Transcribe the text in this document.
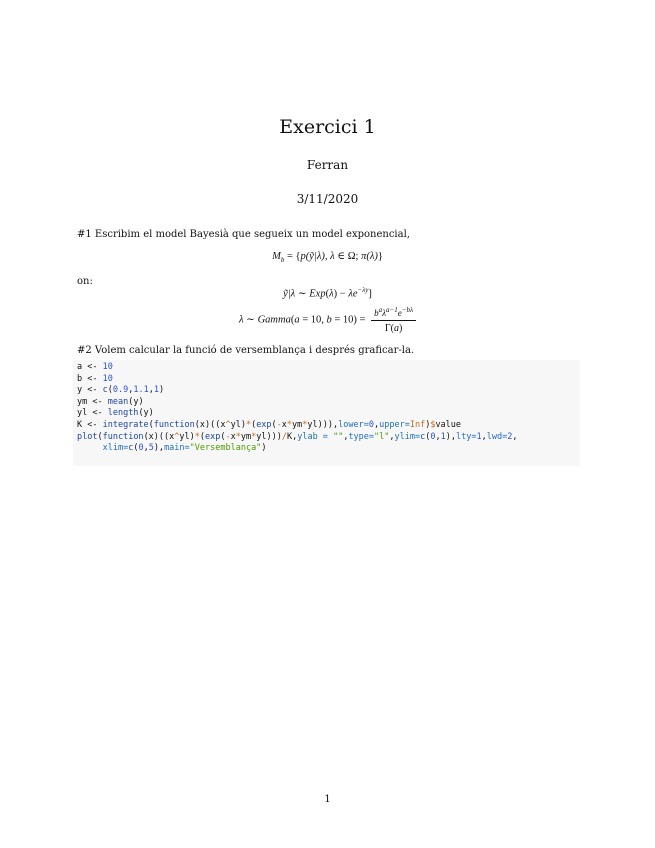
Exercici 1
Ferran
3/11/2020
#1 Escribim el model Bayesià que segueix un model exponencial,
$M_b$ = {p(ỹ|λ), λ ∈ Ω; π(λ)}
on:
ỹ|λ ∼ $Exp(\lambda) - \lambda e^{-\lambda y}$]
λ ∼ Gamma(a = 10, $b = 10) = \frac{b^a\lambda^{a-1}e^{-b\lambda}}{\Gamma(a)}$
#2 Volem calcular la funció de versemblança i després graficar-la.
a <- 10
b <- 10
y <- c(0.9,1.1,1)
ym <- mean(y)
yl <- length(y)
K <- integrate(function(x)((x^yl)*(exp(-x*ym*yl))),lower=0,upper=Inf)$value
plot(function(x)((x^yl)*(exp(-x*ym*yl)))/K,ylab = "",type="l",ylim=c(0,1),lty=1,lwd=2,
xlim=c(0,5),main="Versemblança")
1
